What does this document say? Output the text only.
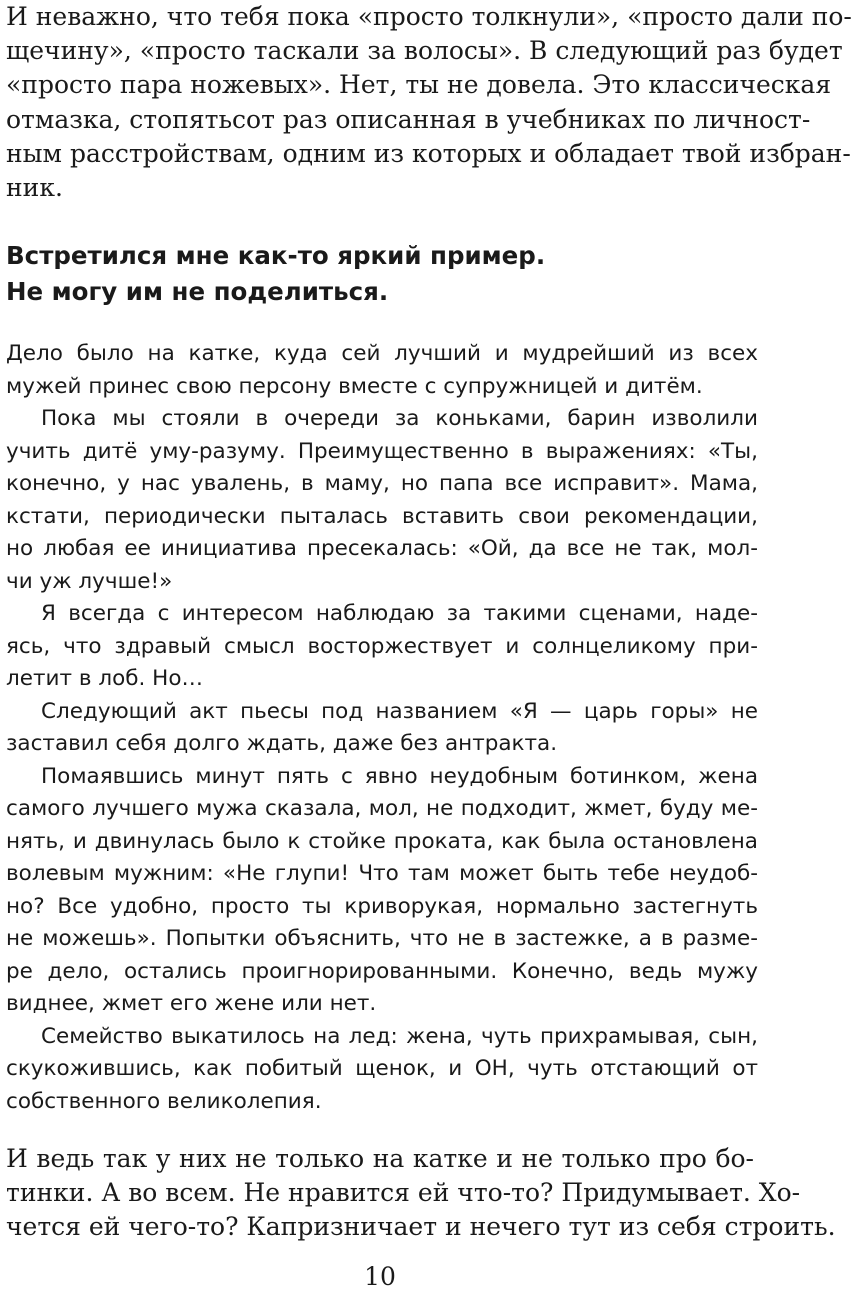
И неважно, что тебя пока «просто толкнули», «просто дали по-
щечину», «просто таскали за волосы». В следующий раз будет
«просто пара ножевых». Нет, ты не довела. Это классическая
отмазка, стопятьсот раз описанная в учебниках по личност-
ным расстройствам, одним из которых и обладает твой избран-
ник.
Встретился мне как-то яркий пример.
Не могу им не поделиться.
Дело было на катке, куда сей лучший и мудрейший из всех
мужей принес свою персону вместе с супружницей и дитём.
Пока мы стояли в очереди за коньками, барин изволили
учить дитё уму-разуму. Преимущественно в выражениях: «Ты,
конечно, у нас увалень, в маму, но папа все исправит». Мама,
кстати, периодически пыталась вставить свои рекомендации,
но любая ее инициатива пресекалась: «Ой, да все не так, мол-
чи уж лучше!»
Я всегда с интересом наблюдаю за такими сценами, наде-
ясь, что здравый смысл восторжествует и солнцеликому при-
летит в лоб. Но…
Следующий акт пьесы под названием «Я — царь горы» не
заставил себя долго ждать, даже без антракта.
Помаявшись минут пять с явно неудобным ботинком, жена
самого лучшего мужа сказала, мол, не подходит, жмет, буду ме-
нять, и двинулась было к стойке проката, как была остановлена
волевым мужним: «Не глупи! Что там может быть тебе неудоб-
но? Все удобно, просто ты криворукая, нормально застегнуть
не можешь». Попытки объяснить, что не в застежке, а в разме-
ре дело, остались проигнорированными. Конечно, ведь мужу
виднее, жмет его жене или нет.
Семейство выкатилось на лед: жена, чуть прихрамывая, сын,
скукожившись, как побитый щенок, и ОН, чуть отстающий от
собственного великолепия.
И ведь так у них не только на катке и не только про бо-
тинки. А во всем. Не нравится ей что-то? Придумывает. Хо-
чется ей чего-то? Капризничает и нечего тут из себя строить.
10
